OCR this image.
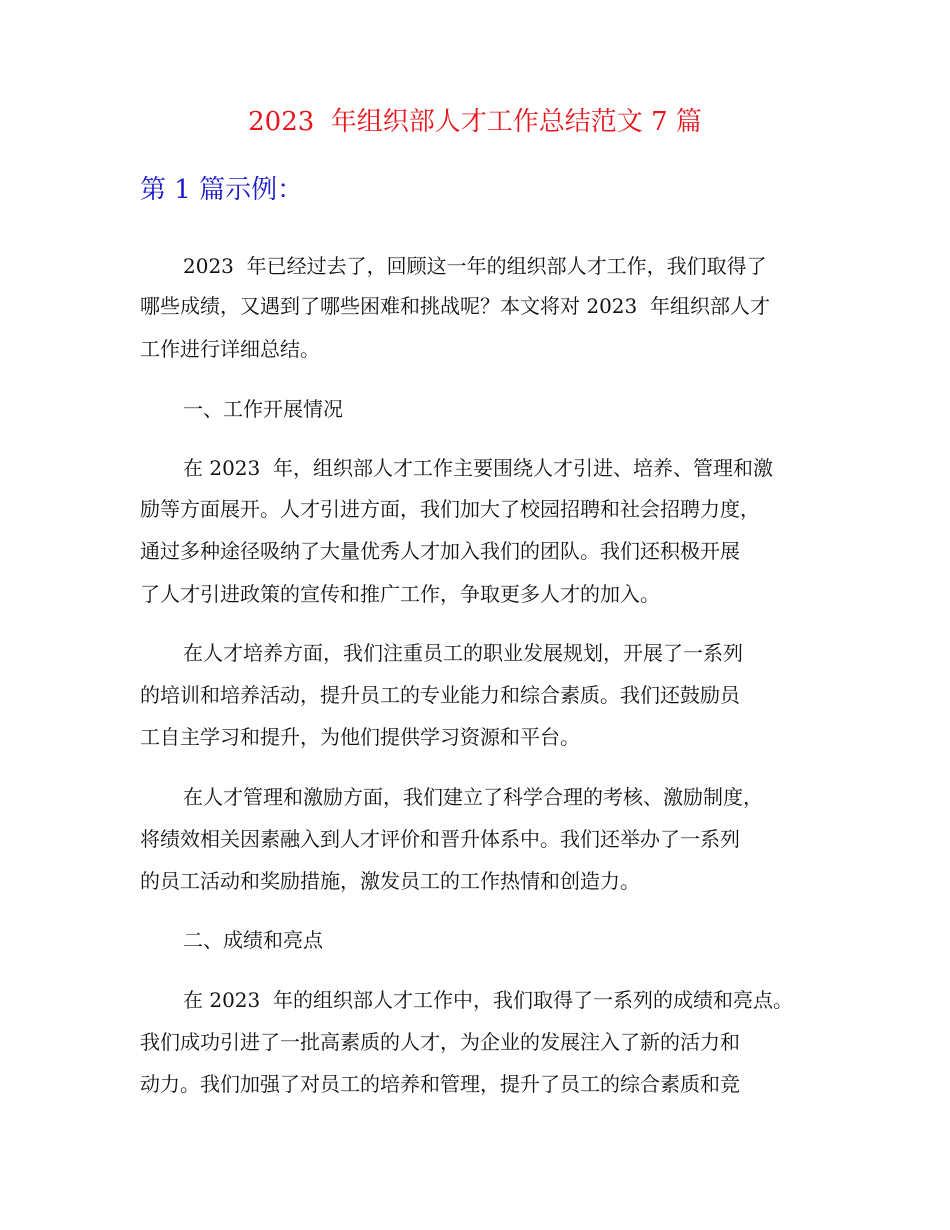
2023  年组织部人才工作总结范文 7 篇
第 1 篇示例：

2023  年已经过去了，回顾这一年的组织部人才工作，我们取得了

哪些成绩，又遇到了哪些困难和挑战呢？本文将对 2023  年组织部人才

工作进行详细总结。

一、工作开展情况

在 2023  年，组织部人才工作主要围绕人才引进、培养、管理和激

励等方面展开。人才引进方面，我们加大了校园招聘和社会招聘力度，

通过多种途径吸纳了大量优秀人才加入我们的团队。我们还积极开展

了人才引进政策的宣传和推广工作，争取更多人才的加入。

在人才培养方面，我们注重员工的职业发展规划，开展了一系列

的培训和培养活动，提升员工的专业能力和综合素质。我们还鼓励员

工自主学习和提升，为他们提供学习资源和平台。

在人才管理和激励方面，我们建立了科学合理的考核、激励制度，

将绩效相关因素融入到人才评价和晋升体系中。我们还举办了一系列

的员工活动和奖励措施，激发员工的工作热情和创造力。

二、成绩和亮点

在 2023  年的组织部人才工作中，我们取得了一系列的成绩和亮点。

我们成功引进了一批高素质的人才，为企业的发展注入了新的活力和

动力。我们加强了对员工的培养和管理，提升了员工的综合素质和竞
